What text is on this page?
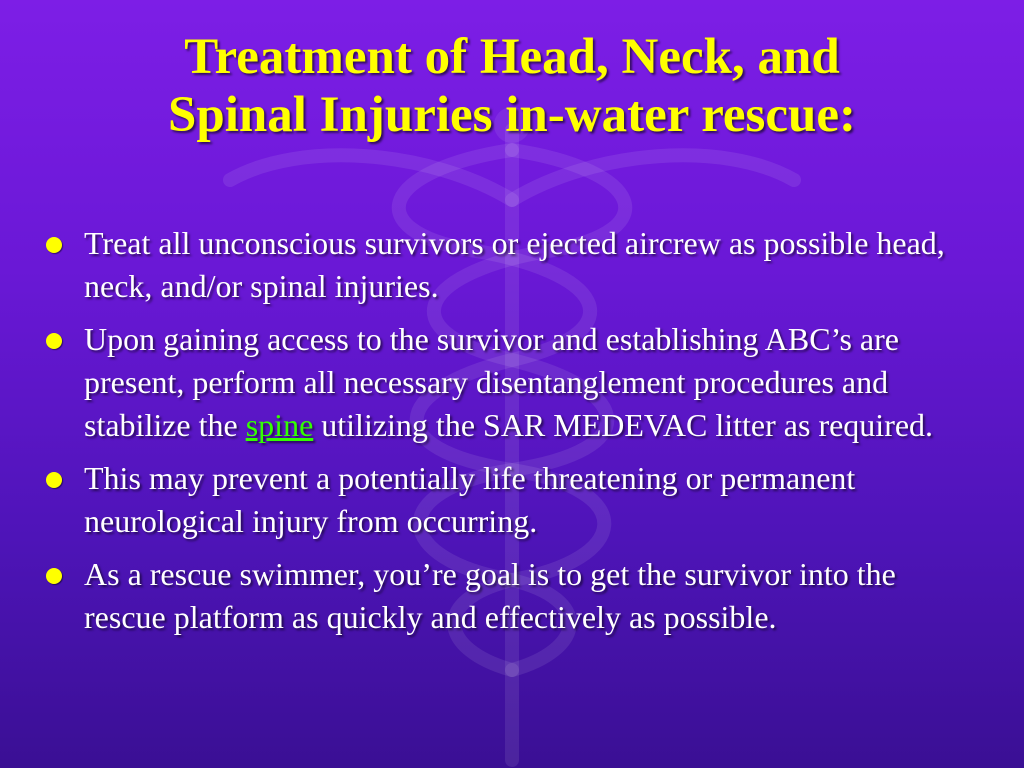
Treatment of Head, Neck, and
Spinal Injuries in-water rescue:
Treat all unconscious survivors or ejected aircrew as possible head, neck, and/or spinal injuries.
Upon gaining access to the survivor and establishing ABC’s are present, perform all necessary disentanglement procedures and stabilize the spine utilizing the SAR MEDEVAC litter as required.
This may prevent a potentially life threatening or permanent neurological injury from occurring.
As a rescue swimmer, you’re goal is to get the survivor into the rescue platform as quickly and effectively as possible.
